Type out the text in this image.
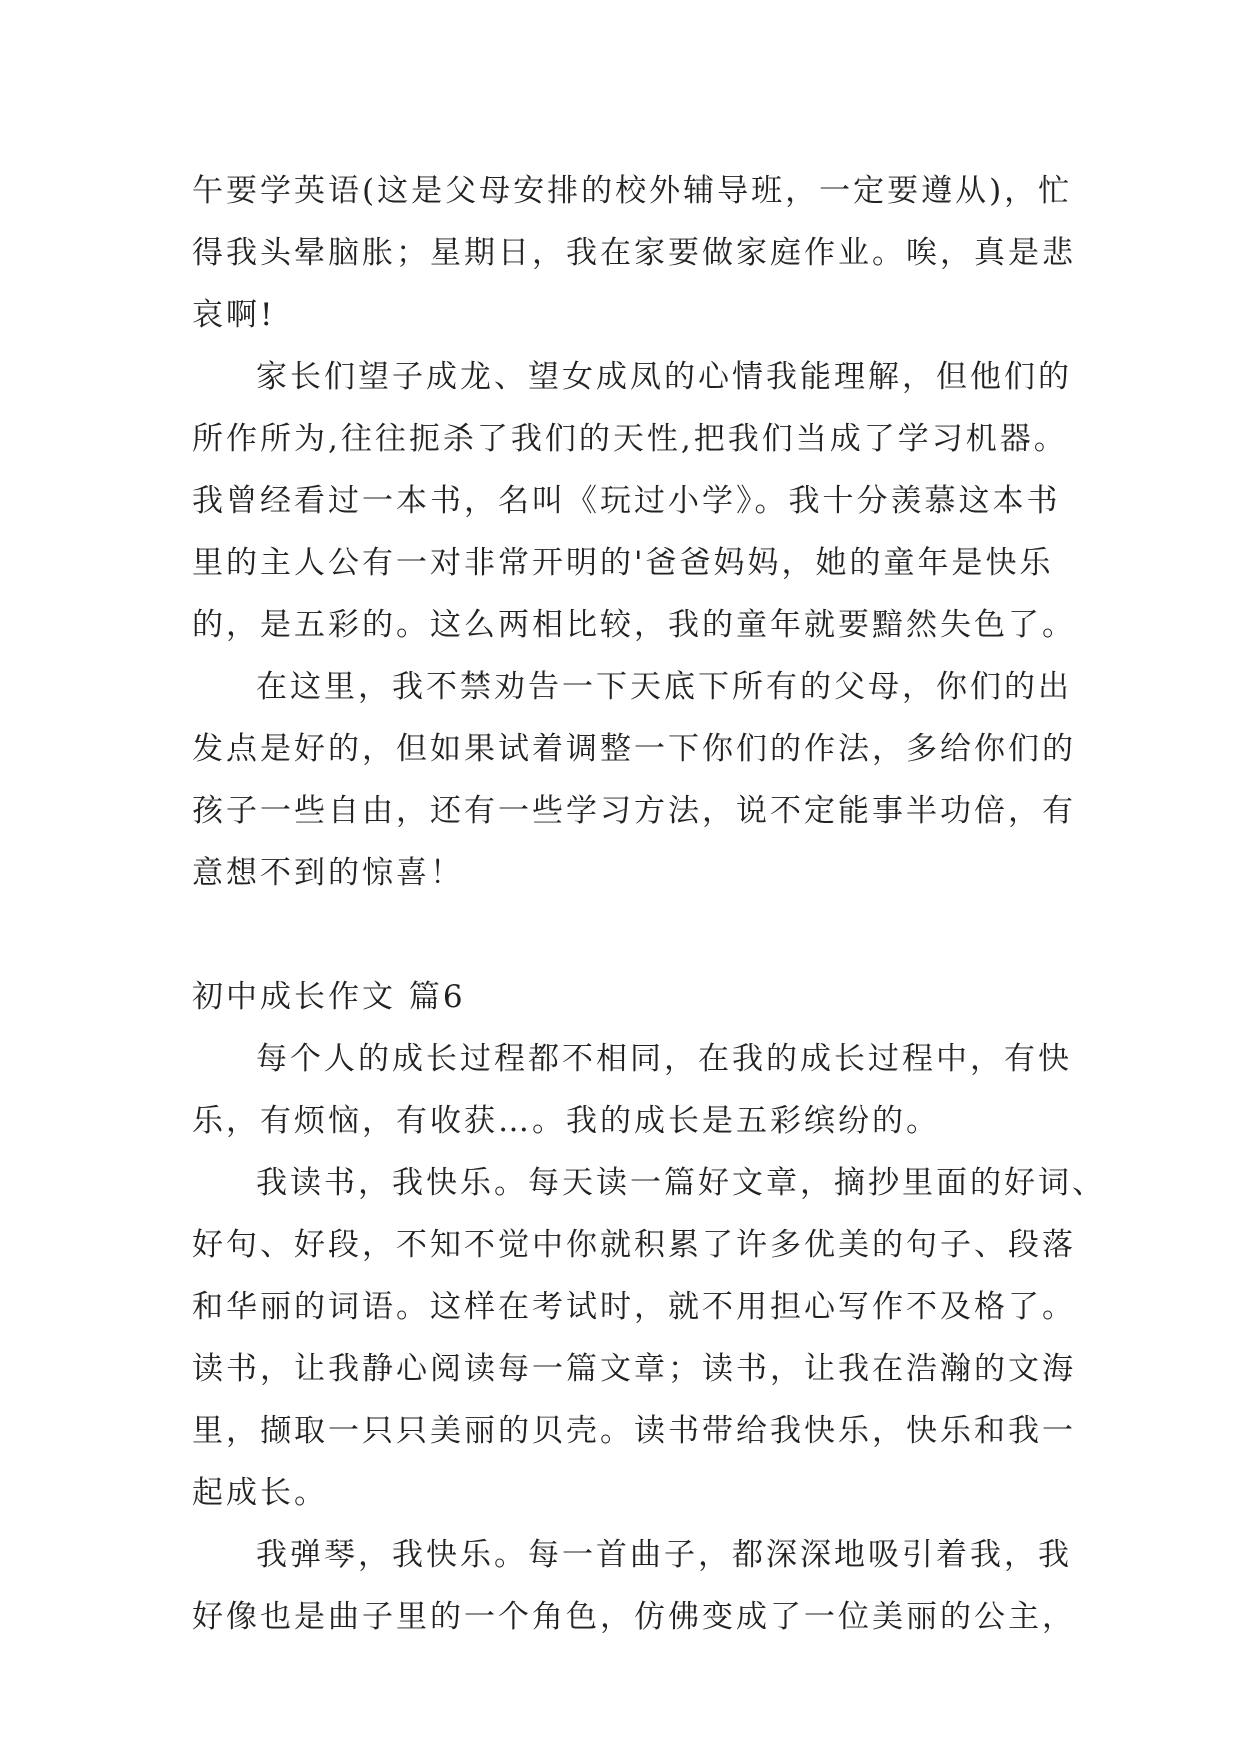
午要学英语(这是父母安排的校外辅导班，一定要遵从)，忙
得我头晕脑胀；星期日，我在家要做家庭作业。唉，真是悲
哀啊!
家长们望子成龙、望女成凤的心情我能理解，但他们的
所作所为,往往扼杀了我们的天性,把我们当成了学习机器。
我曾经看过一本书，名叫《玩过小学》。我十分羡慕这本书
里的主人公有一对非常开明的'爸爸妈妈，她的童年是快乐
的，是五彩的。这么两相比较，我的童年就要黯然失色了。
在这里，我不禁劝告一下天底下所有的父母，你们的出
发点是好的，但如果试着调整一下你们的作法，多给你们的
孩子一些自由，还有一些学习方法，说不定能事半功倍，有
意想不到的惊喜！
初中成长作文 篇6
每个人的成长过程都不相同，在我的成长过程中，有快
乐，有烦恼，有收获…。我的成长是五彩缤纷的。
我读书，我快乐。每天读一篇好文章，摘抄里面的好词、
好句、好段，不知不觉中你就积累了许多优美的句子、段落
和华丽的词语。这样在考试时，就不用担心写作不及格了。
读书，让我静心阅读每一篇文章；读书，让我在浩瀚的文海
里，撷取一只只美丽的贝壳。读书带给我快乐，快乐和我一
起成长。
我弹琴，我快乐。每一首曲子，都深深地吸引着我，我
好像也是曲子里的一个角色，仿佛变成了一位美丽的公主，
